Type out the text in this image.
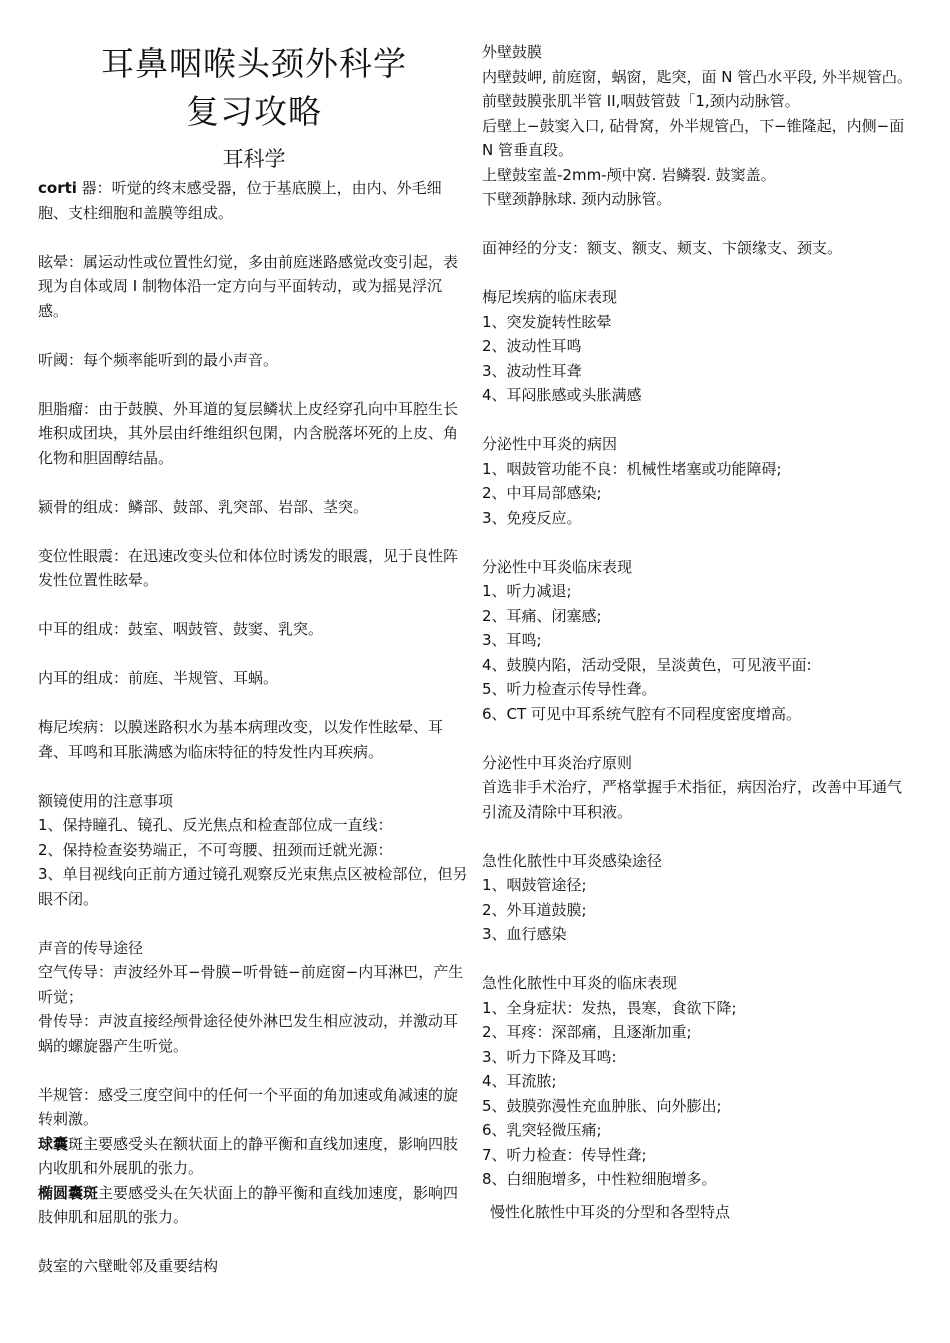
耳鼻咽喉头颈外科学
复习攻略
耳科学
corti 器：听觉的终末感受器，位于基底膜上，由内、外毛细胞、支柱细胞和盖膜等组成。
眩晕：属运动性或位置性幻觉，多由前庭迷路感觉改变引起，表现为自体或周 I 制物体沿一定方向与平面转动，或为摇晃浮沉感。
听阈：每个频率能听到的最小声音。
胆脂瘤：由于鼓膜、外耳道的复层鳞状上皮经穿孔向中耳腔生长堆积成团块，其外层由纤维组织包閑，内含脱落坏死的上皮、角化物和胆固醇结晶。
颍骨的组成：鳞部、鼓部、乳突部、岩部、茎突。
变位性眼震：在迅速改变头位和体位时诱发的眼震，见于良性阵发性位置性眩晕。
中耳的组成：鼓室、咽鼓管、鼓窦、乳突。
内耳的组成：前庭、半规管、耳蜗。
梅尼埃病：以膜迷路积水为基本病理改变，以发作性眩晕、耳聋、耳鸣和耳胀满感为临床特征的特发性内耳疾病。
额镜使用的注意事项
1、保持瞳孔、镜孔、反光焦点和检查部位成一直线：
2、保持检查姿势端正，不可弯腰、扭颈而迁就光源：
3、单目视线向正前方通过镜孔观察反光束焦点区被检部位，但另眼不闭。
声音的传导途径
空气传导：声波经外耳−骨膜−听骨链−前庭窗−内耳淋巴，产生听觉；
骨传导：声波直接经颅骨途径使外淋巴发生相应波动，并激动耳蜗的螺旋器产生听觉。
半规管：感受三度空间中的任何一个平面的角加速或角减速的旋转刺激。
球囊斑主要感受头在额状面上的静平衡和直线加速度，影响四肢内收肌和外展肌的张力。
椭圆囊斑主要感受头在矢状面上的静平衡和直线加速度，影响四肢伸肌和屈肌的张力。
鼓室的六壁毗邻及重要结构
外壁鼓膜
内壁鼓岬, 前庭窗，蜗窗，匙突，面 N 管凸水平段, 外半规管凸。
前壁鼓膜张肌半管 II,咽鼓管鼓「1,颈内动脉管。
后壁上−鼓窦入口, 砧骨窝，外半规管凸，下−锥隆起，内侧−面 N 管垂直段。
上壁鼓室盖-2mm-颅中窝. 岩鳞裂. 鼓窦盖。
下壁颈静脉球. 颈内动脉管。
面神经的分支：额支、额支、颊支、卞颌缘支、颈支。
梅尼埃病的临床表现
1、突发旋转性眩晕
2、波动性耳鸣
3、波动性耳聋
4、耳闷胀感或头胀满感
分泌性中耳炎的病因
1、咽鼓管功能不良：机械性堵塞或功能障碍;
2、中耳局部感染;
3、免疫反应。
分泌性中耳炎临床表现
1、听力减退;
2、耳痛、闭塞感;
3、耳鸣;
4、鼓膜内陷，活动受限，呈淡黄色，可见液平面:
5、听力检查示传导性聋。
6、CT 可见中耳系统气腔有不同程度密度增高。
分泌性中耳炎治疗原则
首选非手术治疗，严格掌握手术指征，病因治疗，改善中耳通气引流及清除中耳积液。
急性化脓性中耳炎感染途径
1、咽鼓管途径;
2、外耳道鼓膜;
3、血行感染
急性化脓性中耳炎的临床表现
1、全身症状：发热，畏寒，食欲下降;
2、耳疼：深部痛，且逐渐加重;
3、听力下降及耳鸣:
4、耳流脓;
5、鼓膜弥漫性充血肿胀、向外膨出;
6、乳突轻微压痛;
7、听力检查：传导性聋;
8、白细胞增多，中性粒细胞增多。
慢性化脓性中耳炎的分型和各型特点
